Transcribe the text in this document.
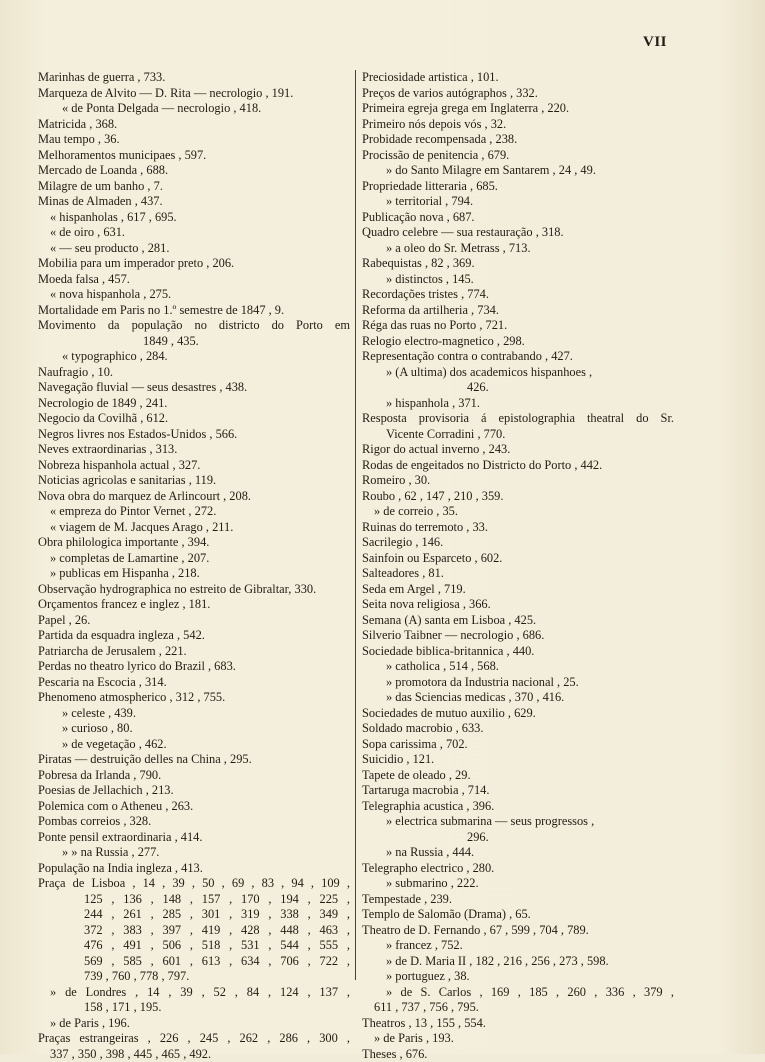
VII
Marinhas de guerra , 733.
Marqueza de Alvito — D. Rita — necrologio , 191.
« de Ponta Delgada — necrologio , 418.
Matricida , 368.
Mau tempo , 36.
Melhoramentos municipaes , 597.
Mercado de Loanda , 688.
Milagre de um banho , 7.
Minas de Almaden , 437.
« hispanholas , 617 , 695.
« de oiro , 631.
« — seu producto , 281.
Mobilia para um imperador preto , 206.
Moeda falsa , 457.
« nova hispanhola , 275.
Mortalidade em Paris no 1.º semestre de 1847 , 9.
Movimento da população no districto do Porto em
1849 , 435.
« typographico , 284.
Naufragio , 10.
Navegação fluvial — seus desastres , 438.
Necrologio de 1849 , 241.
Negocio da Covilhã , 612.
Negros livres nos Estados-Unidos , 566.
Neves extraordinarias , 313.
Nobreza hispanhola actual , 327.
Noticias agricolas e sanitarias , 119.
Nova obra do marquez de Arlincourt , 208.
« empreza do Pintor Vernet , 272.
« viagem de M. Jacques Arago , 211.
Obra philologica importante , 394.
» completas de Lamartine , 207.
» publicas em Hispanha , 218.
Observação hydrographica no estreito de Gibraltar, 330.
Orçamentos francez e inglez , 181.
Papel , 26.
Partida da esquadra ingleza , 542.
Patriarcha de Jerusalem , 221.
Perdas no theatro lyrico do Brazil , 683.
Pescaria na Escocia , 314.
Phenomeno atmospherico , 312 , 755.
» celeste , 439.
» curioso , 80.
» de vegetação , 462.
Piratas — destruição delles na China , 295.
Pobresa da Irlanda , 790.
Poesias de Jellachich , 213.
Polemica com o Atheneu , 263.
Pombas correios , 328.
Ponte pensil extraordinaria , 414.
» » na Russia , 277.
População na India ingleza , 413.
Praça de Lisboa , 14 , 39 , 50 , 69 , 83 , 94 , 109 ,
125 , 136 , 148 , 157 , 170 , 194 , 225 ,
244 , 261 , 285 , 301 , 319 , 338 , 349 ,
372 , 383 , 397 , 419 , 428 , 448 , 463 ,
476 , 491 , 506 , 518 , 531 , 544 , 555 ,
569 , 585 , 601 , 613 , 634 , 706 , 722 ,
739 , 760 , 778 , 797.
» de Londres , 14 , 39 , 52 , 84 , 124 , 137 ,
158 , 171 , 195.
» de Paris , 196.
Praças estrangeiras , 226 , 245 , 262 , 286 , 300 ,
337 , 350 , 398 , 445 , 465 , 492.
Preciosidade artistica , 101.
Preços de varios autógraphos , 332.
Primeira egreja grega em Inglaterra , 220.
Primeiro nós depois vós , 32.
Probidade recompensada , 238.
Procissão de penitencia , 679.
» do Santo Milagre em Santarem , 24 , 49.
Propriedade litteraria , 685.
» territorial , 794.
Publicação nova , 687.
Quadro celebre — sua restauração , 318.
» a oleo do Sr. Metrass , 713.
Rabequistas , 82 , 369.
» distinctos , 145.
Recordações tristes , 774.
Reforma da artilheria , 734.
Réga das ruas no Porto , 721.
Relogio electro-magnetico , 298.
Representação contra o contrabando , 427.
» (A ultima) dos academicos hispanhoes ,
426.
» hispanhola , 371.
Resposta provisoria á epistolographia theatral do Sr.
Vicente Corradini , 770.
Rigor do actual inverno , 243.
Rodas de engeitados no Districto do Porto , 442.
Romeiro , 30.
Roubo , 62 , 147 , 210 , 359.
» de correio , 35.
Ruinas do terremoto , 33.
Sacrilegio , 146.
Sainfoin ou Esparceto , 602.
Salteadores , 81.
Seda em Argel , 719.
Seita nova religiosa , 366.
Semana (A) santa em Lisboa , 425.
Silverio Taibner — necrologio , 686.
Sociedade biblica-britannica , 440.
» catholica , 514 , 568.
» promotora da Industria nacional , 25.
» das Sciencias medicas , 370 , 416.
Sociedades de mutuo auxilio , 629.
Soldado macrobio , 633.
Sopa carissima , 702.
Suicidio , 121.
Tapete de oleado , 29.
Tartaruga macrobia , 714.
Telegraphia acustica , 396.
» electrica submarina — seus progressos ,
296.
» na Russia , 444.
Telegrapho electrico , 280.
» submarino , 222.
Tempestade , 239.
Templo de Salomão (Drama) , 65.
Theatro de D. Fernando , 67 , 599 , 704 , 789.
» francez , 752.
» de D. Maria II , 182 , 216 , 256 , 273 , 598.
» portuguez , 38.
» de S. Carlos , 169 , 185 , 260 , 336 , 379 ,
611 , 737 , 756 , 795.
Theatros , 13 , 155 , 554.
» de Paris , 193.
Theses , 676.
